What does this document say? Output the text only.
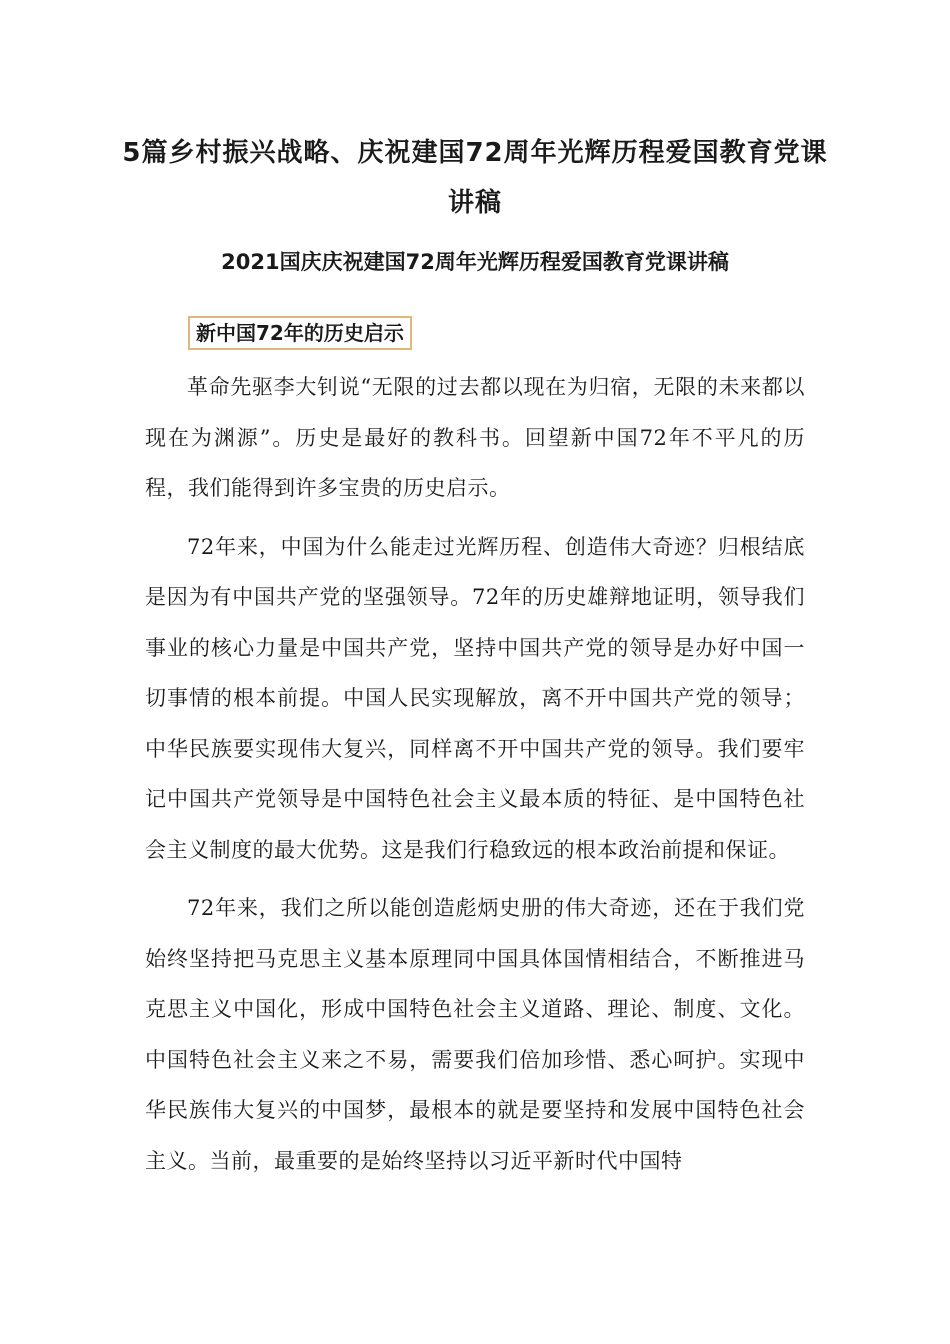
5篇乡村振兴战略、庆祝建国72周年光辉历程爱国教育党课讲稿
2021国庆庆祝建国72周年光辉历程爱国教育党课讲稿
新中国72年的历史启示

革命先驱李大钊说“无限的过去都以现在为归宿，无限的未来都以现在为渊源”。历史是最好的教科书。回望新中国72年不平凡的历程，我们能得到许多宝贵的历史启示。

72年来，中国为什么能走过光辉历程、创造伟大奇迹？归根结底是因为有中国共产党的坚强领导。72年的历史雄辩地证明，领导我们事业的核心力量是中国共产党，坚持中国共产党的领导是办好中国一切事情的根本前提。中国人民实现解放，离不开中国共产党的领导；中华民族要实现伟大复兴，同样离不开中国共产党的领导。我们要牢记中国共产党领导是中国特色社会主义最本质的特征、是中国特色社会主义制度的最大优势。这是我们行稳致远的根本政治前提和保证。

72年来，我们之所以能创造彪炳史册的伟大奇迹，还在于我们党始终坚持把马克思主义基本原理同中国具体国情相结合，不断推进马克思主义中国化，形成中国特色社会主义道路、理论、制度、文化。中国特色社会主义来之不易，需要我们倍加珍惜、悉心呵护。实现中华民族伟大复兴的中国梦，最根本的就是要坚持和发展中国特色社会主义。当前，最重要的是始终坚持以习近平新时代中国特
